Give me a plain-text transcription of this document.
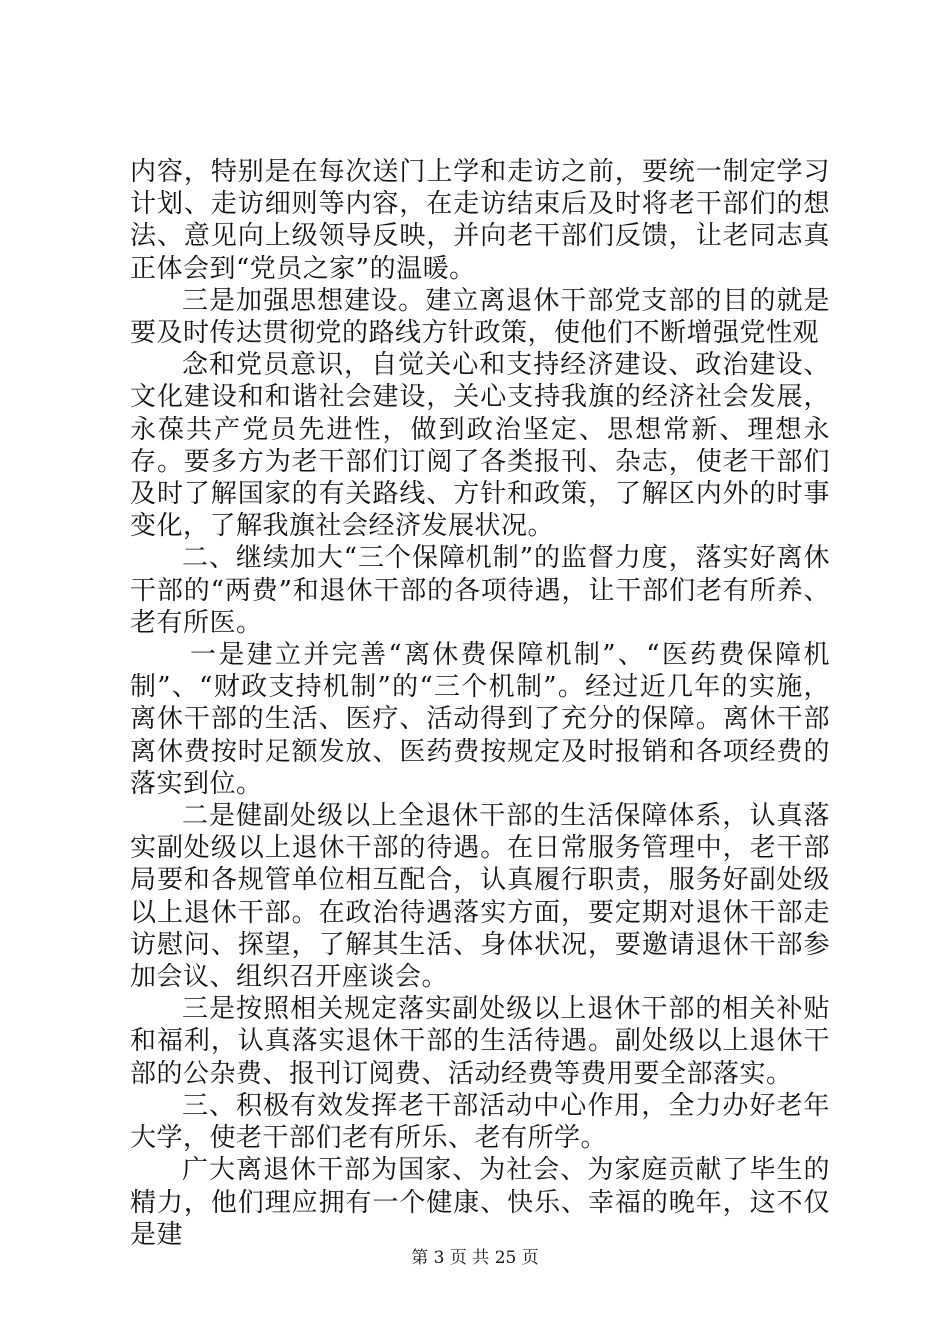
内容，特别是在每次送门上学和走访之前，要统一制定学习计划、走访细则等内容，在走访结束后及时将老干部们的想法、意见向上级领导反映，并向老干部们反馈，让老同志真正体会到“党员之家”的温暖。

三是加强思想建设。建立离退休干部党支部的目的就是要及时传达贯彻党的路线方针政策，使他们不断增强党性观

念和党员意识，自觉关心和支持经济建设、政治建设、文化建设和和谐社会建设，关心支持我旗的经济社会发展，永葆共产党员先进性，做到政治坚定、思想常新、理想永存。要多方为老干部们订阅了各类报刊、杂志，使老干部们及时了解国家的有关路线、方针和政策，了解区内外的时事变化，了解我旗社会经济发展状况。

二、继续加大“三个保障机制”的监督力度，落实好离休干部的“两费”和退休干部的各项待遇，让干部们老有所养、老有所医。

一是建立并完善“离休费保障机制”、“医药费保障机制”、“财政支持机制”的“三个机制”。经过近几年的实施，离休干部的生活、医疗、活动得到了充分的保障。离休干部离休费按时足额发放、医药费按规定及时报销和各项经费的落实到位。

二是健副处级以上全退休干部的生活保障体系，认真落实副处级以上退休干部的待遇。在日常服务管理中，老干部局要和各规管单位相互配合，认真履行职责，服务好副处级以上退休干部。在政治待遇落实方面，要定期对退休干部走访慰问、探望，了解其生活、身体状况，要邀请退休干部参加会议、组织召开座谈会。

三是按照相关规定落实副处级以上退休干部的相关补贴和福利，认真落实退休干部的生活待遇。副处级以上退休干部的公杂费、报刊订阅费、活动经费等费用要全部落实。

三、积极有效发挥老干部活动中心作用，全力办好老年大学，使老干部们老有所乐、老有所学。

广大离退休干部为国家、为社会、为家庭贡献了毕生的精力，他们理应拥有一个健康、快乐、幸福的晚年，这不仅是建

第 3 页 共 25 页
